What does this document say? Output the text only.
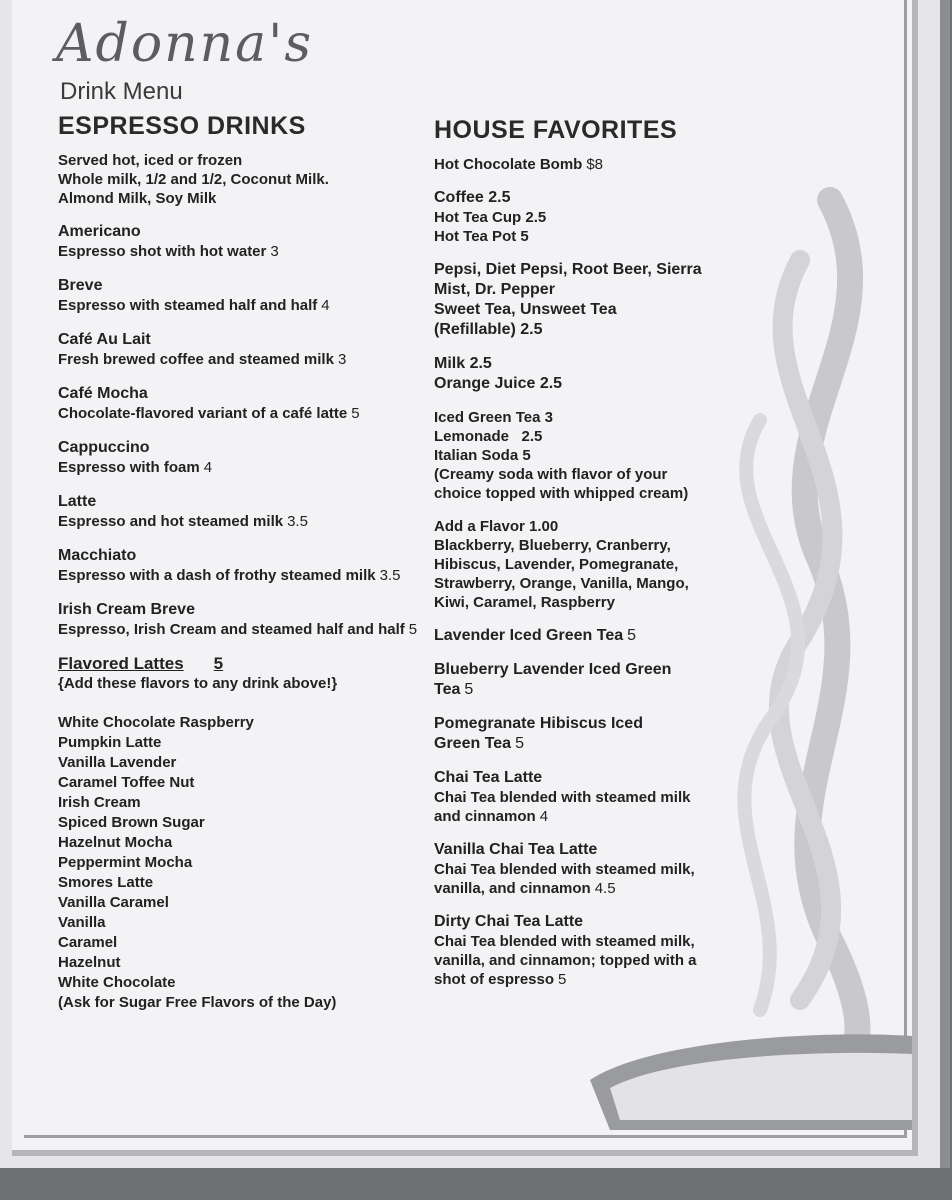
Adonna's
Drink Menu
ESPRESSO DRINKS
Served hot, iced or frozen
Whole milk, 1/2 and 1/2, Coconut Milk.
Almond Milk, Soy Milk
Americano
Espresso shot with hot water 3
Breve
Espresso with steamed half and half 4
Café Au Lait
Fresh brewed coffee and steamed milk 3
Café Mocha
Chocolate-flavored variant of a café latte 5
Cappuccino
Espresso with foam 4
Latte
Espresso and hot steamed milk 3.5
Macchiato
Espresso with a dash of frothy steamed milk 3.5
Irish Cream Breve
Espresso, Irish Cream and steamed half and half 5
Flavored Lattes 5
{Add these flavors to any drink above!}
White Chocolate Raspberry
Pumpkin Latte
Vanilla Lavender
Caramel Toffee Nut
Irish Cream
Spiced Brown Sugar
Hazelnut Mocha
Peppermint Mocha
Smores Latte
Vanilla Caramel
Vanilla
Caramel
Hazelnut
White Chocolate
(Ask for Sugar Free Flavors of the Day)
HOUSE FAVORITES
Hot Chocolate Bomb $8
Coffee 2.5
Hot Tea Cup 2.5
Hot Tea Pot 5
Pepsi, Diet Pepsi, Root Beer, Sierra
Mist, Dr. Pepper
Sweet Tea, Unsweet Tea
(Refillable) 2.5
Milk 2.5
Orange Juice 2.5
Iced Green Tea 3
Lemonade   2.5
Italian Soda 5
(Creamy soda with flavor of your
choice topped with whipped cream)
Add a Flavor 1.00
Blackberry, Blueberry, Cranberry,
Hibiscus, Lavender, Pomegranate,
Strawberry, Orange, Vanilla, Mango,
Kiwi, Caramel, Raspberry
Lavender Iced Green Tea 5
Blueberry Lavender Iced Green
Tea 5
Pomegranate Hibiscus Iced
Green Tea 5
Chai Tea Latte
Chai Tea blended with steamed milk
and cinnamon 4
Vanilla Chai Tea Latte
Chai Tea blended with steamed milk,
vanilla, and cinnamon 4.5
Dirty Chai Tea Latte
Chai Tea blended with steamed milk,
vanilla, and cinnamon; topped with a
shot of espresso 5
